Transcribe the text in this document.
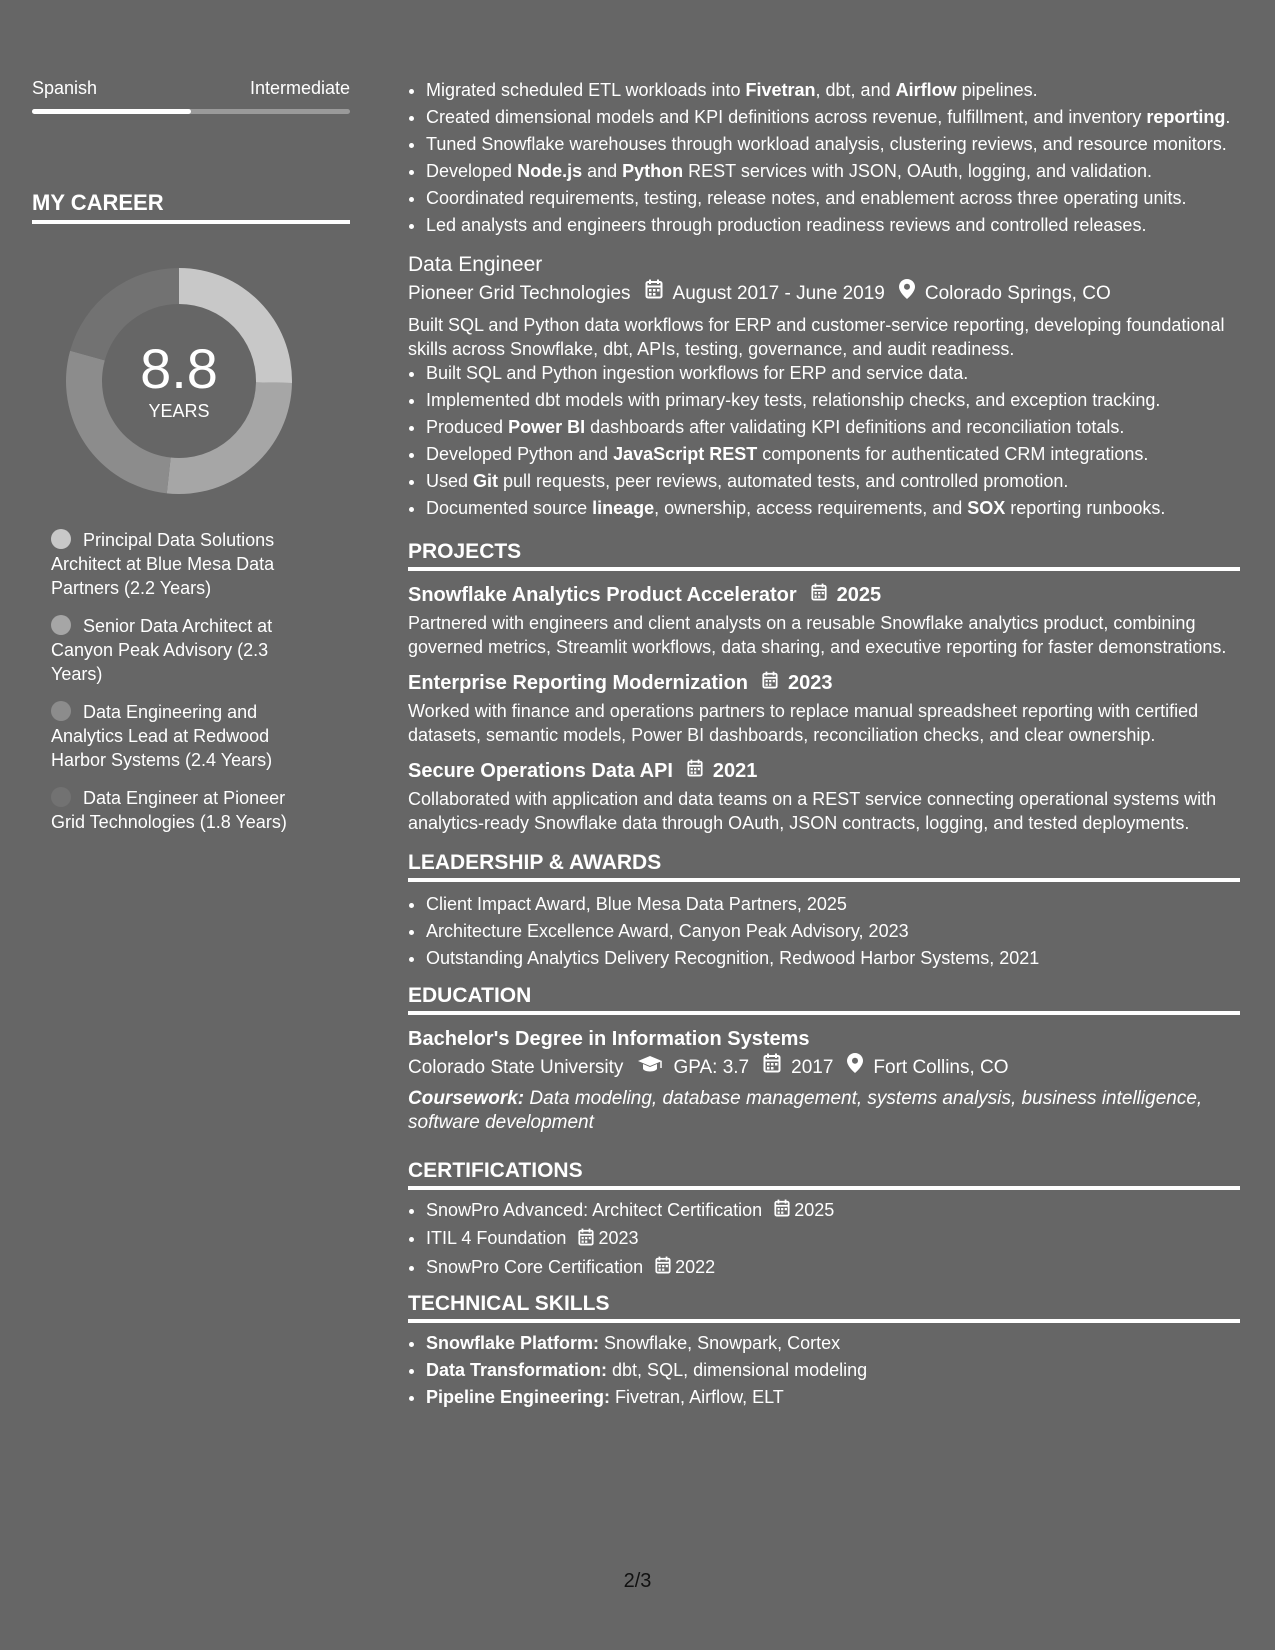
Spanish	Intermediate
MY CAREER
8.8
YEARS
Principal Data Solutions Architect at Blue Mesa Data Partners (2.2 Years)
Senior Data Architect at Canyon Peak Advisory (2.3 Years)
Data Engineering and Analytics Lead at Redwood Harbor Systems (2.4 Years)
Data Engineer at Pioneer Grid Technologies (1.8 Years)
• Migrated scheduled ETL workloads into Fivetran, dbt, and Airflow pipelines.
• Created dimensional models and KPI definitions across revenue, fulfillment, and inventory reporting.
• Tuned Snowflake warehouses through workload analysis, clustering reviews, and resource monitors.
• Developed Node.js and Python REST services with JSON, OAuth, logging, and validation.
• Coordinated requirements, testing, release notes, and enablement across three operating units.
• Led analysts and engineers through production readiness reviews and controlled releases.
Data Engineer
Pioneer Grid Technologies August 2017 - June 2019 Colorado Springs, CO
Built SQL and Python data workflows for ERP and customer-service reporting, developing foundational skills across Snowflake, dbt, APIs, testing, governance, and audit readiness.
• Built SQL and Python ingestion workflows for ERP and service data.
• Implemented dbt models with primary-key tests, relationship checks, and exception tracking.
• Produced Power BI dashboards after validating KPI definitions and reconciliation totals.
• Developed Python and JavaScript REST components for authenticated CRM integrations.
• Used Git pull requests, peer reviews, automated tests, and controlled promotion.
• Documented source lineage, ownership, access requirements, and SOX reporting runbooks.
PROJECTS
Snowflake Analytics Product Accelerator 2025
Partnered with engineers and client analysts on a reusable Snowflake analytics product, combining governed metrics, Streamlit workflows, data sharing, and executive reporting for faster demonstrations.
Enterprise Reporting Modernization 2023
Worked with finance and operations partners to replace manual spreadsheet reporting with certified datasets, semantic models, Power BI dashboards, reconciliation checks, and clear ownership.
Secure Operations Data API 2021
Collaborated with application and data teams on a REST service connecting operational systems with analytics-ready Snowflake data through OAuth, JSON contracts, logging, and tested deployments.
LEADERSHIP & AWARDS
• Client Impact Award, Blue Mesa Data Partners, 2025
• Architecture Excellence Award, Canyon Peak Advisory, 2023
• Outstanding Analytics Delivery Recognition, Redwood Harbor Systems, 2021
EDUCATION
Bachelor's Degree in Information Systems
Colorado State University	GPA: 3.7 2017 Fort Collins, CO
Coursework: Data modeling, database management, systems analysis, business intelligence, software development
CERTIFICATIONS
• SnowPro Advanced: Architect Certification 2025
• ITIL 4 Foundation 2023
• SnowPro Core Certification 2022
TECHNICAL SKILLS
• Snowflake Platform: Snowflake, Snowpark, Cortex
• Data Transformation: dbt, SQL, dimensional modeling
• Pipeline Engineering: Fivetran, Airflow, ELT
2/3
